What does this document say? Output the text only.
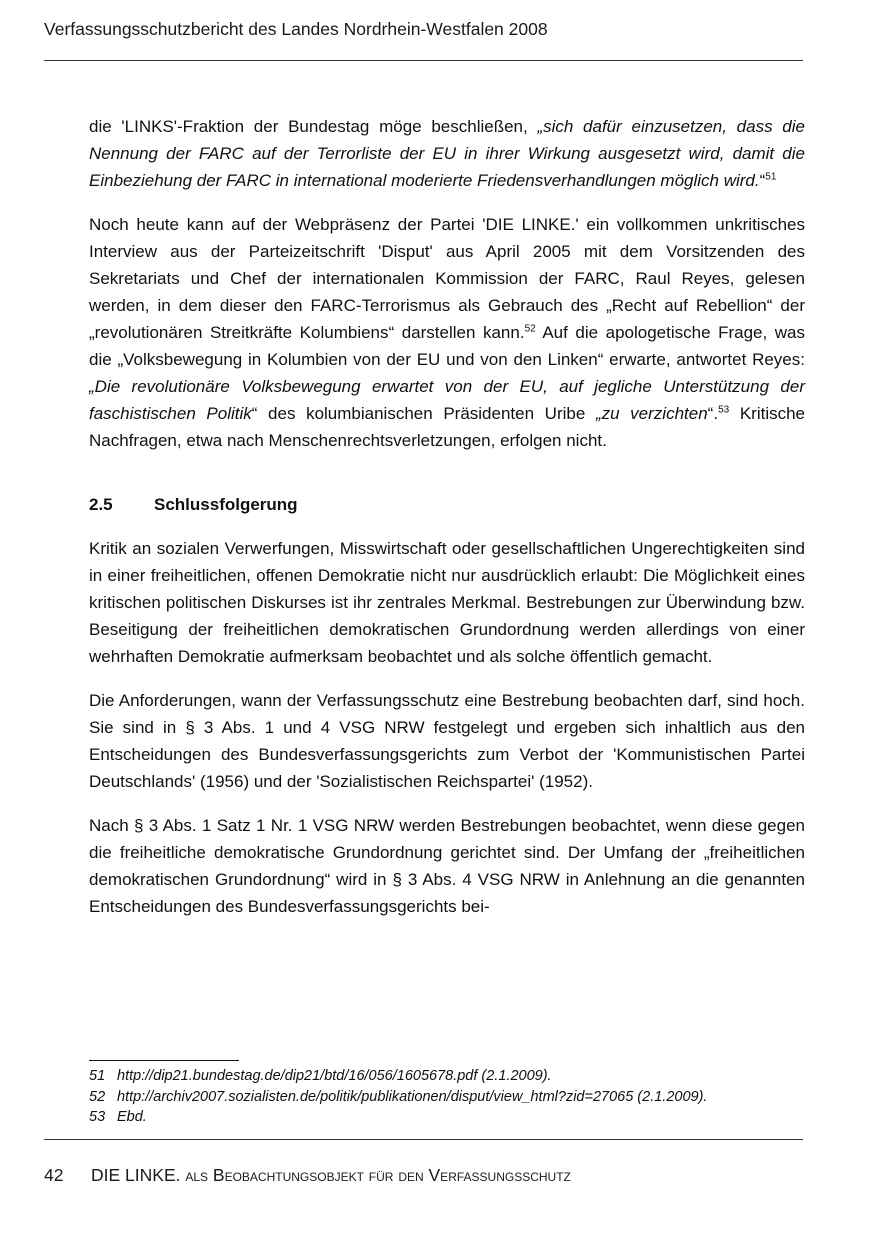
Verfassungsschutzbericht des Landes Nordrhein-Westfalen 2008

die 'LINKS'-Fraktion der Bundestag möge beschließen, „sich dafür einzusetzen, dass die Nennung der FARC auf der Terrorliste der EU in ihrer Wirkung ausgesetzt wird, damit die Einbeziehung der FARC in international moderierte Friedensverhandlungen möglich wird.“$^{51}$

Noch heute kann auf der Webpräsenz der Partei 'DIE LINKE.' ein vollkommen unkritisches Interview aus der Parteizeitschrift 'Disput' aus April 2005 mit dem Vorsitzenden des Sekretariats und Chef der internationalen Kommission der FARC, Raul Reyes, gelesen werden, in dem dieser den FARC-Terrorismus als Gebrauch des „Recht auf Rebellion“ der „revolutionären Streitkräfte Kolumbiens“ darstellen kann.$^{52}$ Auf die apologetische Frage, was die „Volksbewegung in Kolumbien von der EU und von den Linken“ erwarte, antwortet Reyes: „Die revolutionäre Volksbewegung erwartet von der EU, auf jegliche Unterstützung der faschistischen Politik“ des kolumbianischen Präsidenten Uribe „zu verzichten“.$^{53}$ Kritische Nachfragen, etwa nach Menschenrechtsverletzungen, erfolgen nicht.

2.5	Schlussfolgerung

Kritik an sozialen Verwerfungen, Misswirtschaft oder gesellschaftlichen Ungerechtigkeiten sind in einer freiheitlichen, offenen Demokratie nicht nur ausdrücklich erlaubt: Die Möglichkeit eines kritischen politischen Diskurses ist ihr zentrales Merkmal. Bestrebungen zur Überwindung bzw. Beseitigung der freiheitlichen demokratischen Grundordnung werden allerdings von einer wehrhaften Demokratie aufmerksam beobachtet und als solche öffentlich gemacht.

Die Anforderungen, wann der Verfassungsschutz eine Bestrebung beobachten darf, sind hoch. Sie sind in § 3 Abs. 1 und 4 VSG NRW festgelegt und ergeben sich inhaltlich aus den Entscheidungen des Bundesverfassungsgerichts zum Verbot der 'Kommunistischen Partei Deutschlands' (1956) und der 'Sozialistischen Reichspartei' (1952).

Nach § 3 Abs. 1 Satz 1 Nr. 1 VSG NRW werden Bestrebungen beobachtet, wenn diese gegen die freiheitliche demokratische Grundordnung gerichtet sind. Der Umfang der „freiheitlichen demokratischen Grundordnung“ wird in § 3 Abs. 4 VSG NRW in Anlehnung an die genannten Entscheidungen des Bundesverfassungsgerichts bei-

51 http://dip21.bundestag.de/dip21/btd/16/056/1605678.pdf (2.1.2009).
52 http://archiv2007.sozialisten.de/politik/publikationen/disput/view_html?zid=27065 (2.1.2009).
53 Ebd.
42	DIE LINKE.
als Beobachtungsobjekt für den Verfassungsschutz
